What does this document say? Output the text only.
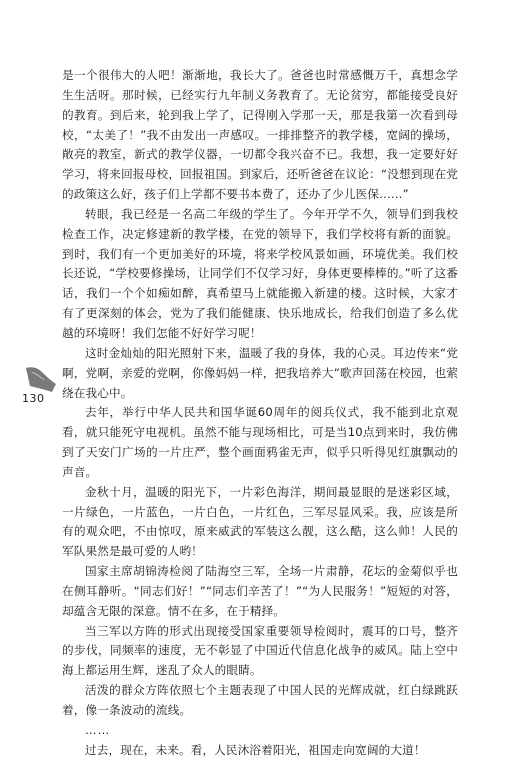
130

是一个很伟大的人吧！渐渐地，我长大了。爸爸也时常感慨万千，真想念学生生活呀。那时候，已经实行九年制义务教育了。无论贫穷，都能接受良好的教育。到后来，轮到我上学了，记得刚入学那一天，那是我第一次看到母校，“太美了！”我不由发出一声感叹。一排排整齐的教学楼，宽阔的操场，敞亮的教室，新式的教学仪器，一切都令我兴奋不已。我想，我一定要好好学习，将来回报母校，回报祖国。到家后，还听爸爸在议论：“没想到现在党的政策这么好，孩子们上学都不要书本费了，还办了少儿医保……”

转眼，我已经是一名高二年级的学生了。今年开学不久，领导们到我校检查工作，决定修建新的教学楼，在党的领导下，我们学校将有新的面貌。到时，我们有一个更加美好的环境，将来学校风景如画，环境优美。我们校长还说，“学校要修操场，让同学们不仅学习好，身体更要棒棒的。”听了这番话，我们一个个如痴如醉，真希望马上就能搬入新建的楼。这时候，大家才有了更深刻的体会，党为了我们能健康、快乐地成长，给我们创造了多么优越的环境呀！我们怎能不好好学习呢！

这时金灿灿的阳光照射下来，温暖了我的身体，我的心灵。耳边传来“党啊，党啊，亲爱的党啊，你像妈妈一样，把我培养大”歌声回荡在校园，也萦绕在我心中。

去年，举行中华人民共和国华诞60周年的阅兵仪式，我不能到北京观看，就只能死守电视机。虽然不能与现场相比，可是当10点到来时，我仿佛到了天安门广场的一片庄严，整个画面鸦雀无声，似乎只听得见红旗飘动的声音。

金秋十月，温暖的阳光下，一片彩色海洋，期间最显眼的是迷彩区域，一片绿色，一片蓝色，一片白色，一片红色，三军尽显风采。我，应该是所有的观众吧，不由惊叹，原来威武的军装这么靓，这么酷，这么帅！人民的军队果然是最可爱的人哟！

国家主席胡锦涛检阅了陆海空三军，全场一片肃静，花坛的金菊似乎也在侧耳静听。“同志们好！”“同志们辛苦了！”“为人民服务！”短短的对答，却蕴含无限的深意。情不在多，在于精择。

当三军以方阵的形式出现接受国家重要领导检阅时，震耳的口号，整齐的步伐，同频率的速度，无不彰显了中国近代信息化战争的威风。陆上空中海上都运用生辉，迷乱了众人的眼睛。

活泼的群众方阵依照七个主题表现了中国人民的光辉成就，红白绿跳跃着，像一条波动的流线。

……

过去，现在，未来。看，人民沐浴着阳光，祖国走向宽阔的大道！
